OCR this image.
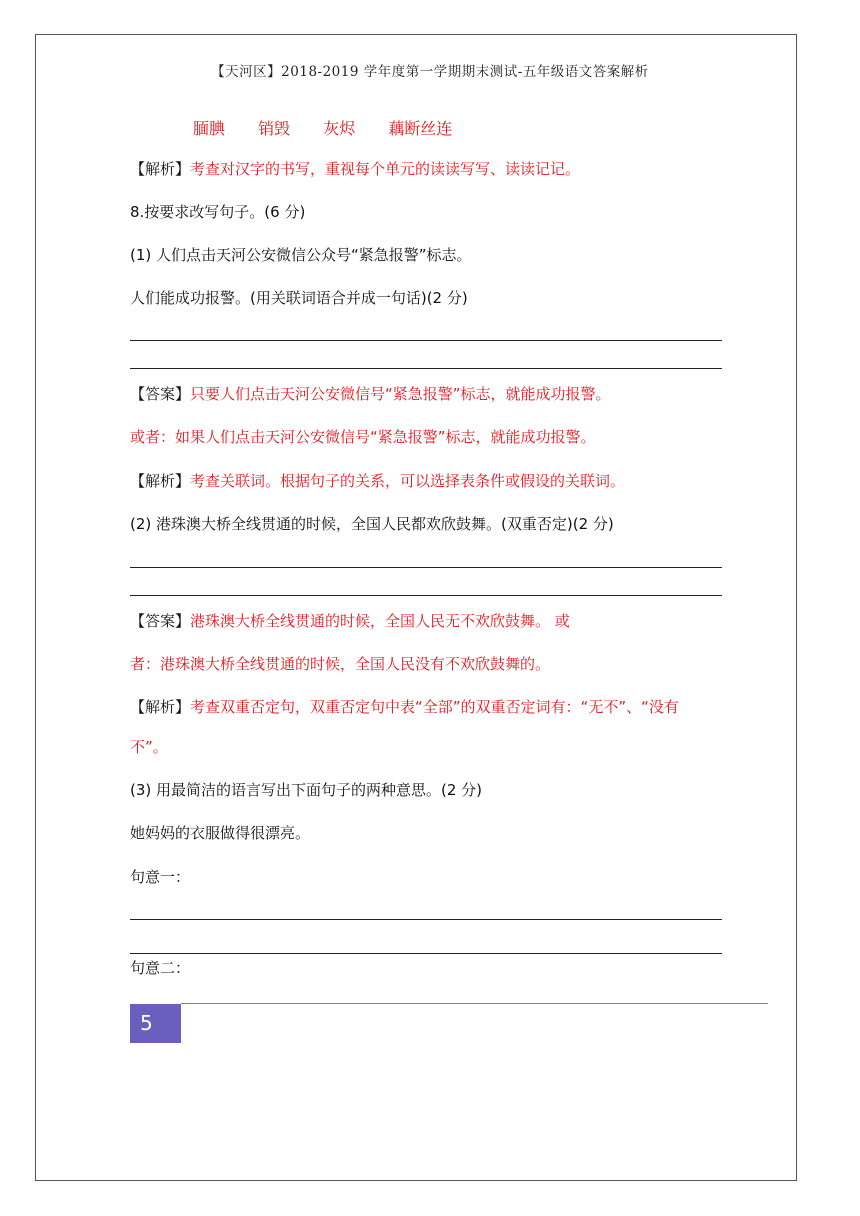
【天河区】2018-2019 学年度第一学期期末测试-五年级语文答案解析
腼腆 销毁 灰烬 藕断丝连
【解析】考查对汉字的书写，重视每个单元的读读写写、读读记记。
8.按要求改写句子。(6 分)
(1) 人们点击天河公安微信公众号“紧急报警”标志。
人们能成功报警。(用关联词语合并成一句话)(2 分)
【答案】只要人们点击天河公安微信号“紧急报警”标志，就能成功报警。
或者：如果人们点击天河公安微信号“紧急报警”标志，就能成功报警。
【解析】考查关联词。根据句子的关系，可以选择表条件或假设的关联词。
(2) 港珠澳大桥全线贯通的时候，全国人民都欢欣鼓舞。(双重否定)(2 分)
【答案】港珠澳大桥全线贯通的时候，全国人民无不欢欣鼓舞。 或
者：港珠澳大桥全线贯通的时候，全国人民没有不欢欣鼓舞的。
【解析】考查双重否定句，双重否定句中表“全部”的双重否定词有：“无不”、“没有
不”。
(3) 用最简洁的语言写出下面句子的两种意思。(2 分)
她妈妈的衣服做得很漂亮。
句意一：
句意二：
5
